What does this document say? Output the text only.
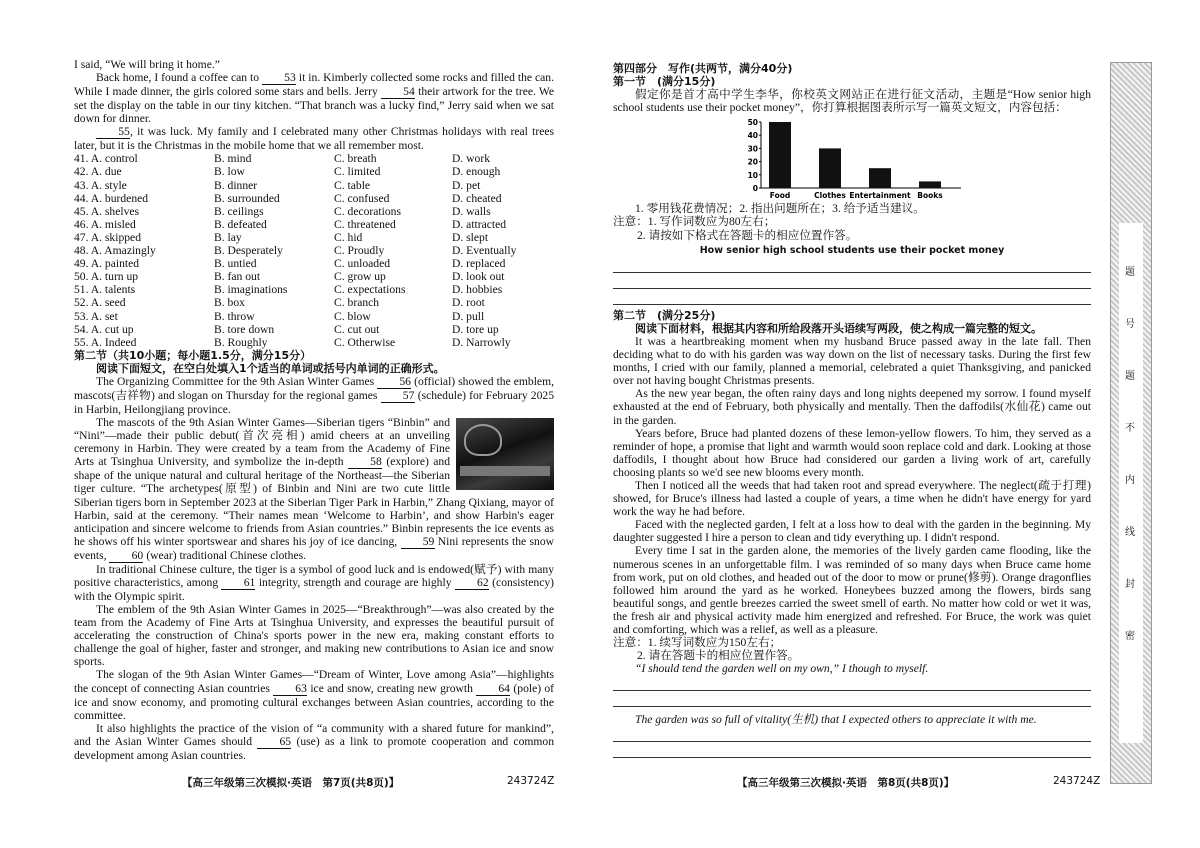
I said, “We will bring it home.”

Back home, I found a coffee can to 53 it in. Kimberly collected some rocks and filled the can. While I made dinner, the girls colored some stars and bells. Jerry 54 their artwork for the tree. We set the display on the table in our tiny kitchen. “That branch was a lucky find,” Jerry said when we sat down for dinner.

55, it was luck. My family and I celebrated many other Christmas holidays with real trees later, but it is the Christmas in the mobile home that we all remember most.

41. A. control	B. mind	C. breath	D. work
42. A. due	B. low	C. limited	D. enough
43. A. style	B. dinner	C. table	D. pet
44. A. burdened	B. surrounded	C. confused	D. cheated
45. A. shelves	B. ceilings	C. decorations	D. walls
46. A. misled	B. defeated	C. threatened	D. attracted
47. A. skipped	B. lay	C. hid	D. slept
48. A. Amazingly	B. Desperately	C. Proudly	D. Eventually
49. A. painted	B. untied	C. unloaded	D. replaced
50. A. turn up	B. fan out	C. grow up	D. look out
51. A. talents	B. imaginations	C. expectations	D. hobbies
52. A. seed	B. box	C. branch	D. root
53. A. set	B. throw	C. blow	D. pull
54. A. cut up	B. tore down	C. cut out	D. tore up
55. A. Indeed	B. Roughly	C. Otherwise	D. Narrowly

第二节（共10小题；每小题1.5分，满分15分）

阅读下面短文，在空白处填入1个适当的单词或括号内单词的正确形式。

The Organizing Committee for the 9th Asian Winter Games 56 (official) showed the emblem, mascots(吉祥物) and slogan on Thursday for the regional games 57 (schedule) for February 2025 in Harbin, Heilongjiang province.

The mascots of the 9th Asian Winter Games—Siberian tigers “Binbin” and “Nini”—made their public debut(首次亮相) amid cheers at an unveiling ceremony in Harbin. They were created by a team from the Academy of Fine Arts at Tsinghua University, and symbolize the in-depth 58 (explore) and shape of the unique natural and cultural heritage of the Northeast—the Siberian tiger culture. “The archetypes(原型) of Binbin and Nini are two cute little Siberian tigers born in September 2023 at the Siberian Tiger Park in Harbin,” Zhang Qixiang, mayor of Harbin, said at the ceremony. “Their names mean ‘Welcome to Harbin’, and show Harbin's eager anticipation and sincere welcome to friends from Asian countries.” Binbin represents the ice events as he shows off his winter sportswear and shares his joy of ice dancing, 59 Nini represents the snow events, 60 (wear) traditional Chinese clothes.

In traditional Chinese culture, the tiger is a symbol of good luck and is endowed(赋予) with many positive characteristics, among 61 integrity, strength and courage are highly 62 (consistency) with the Olympic spirit.

The emblem of the 9th Asian Winter Games in 2025—“Breakthrough”—was also created by the team from the Academy of Fine Arts at Tsinghua University, and expresses the beautiful pursuit of accelerating the construction of China's sports power in the new era, making constant efforts to challenge the goal of higher, faster and stronger, and making new contributions to Asian ice and snow sports.

The slogan of the 9th Asian Winter Games—“Dream of Winter, Love among Asia”—highlights the concept of connecting Asian countries 63 ice and snow, creating new growth 64 (pole) of ice and snow economy, and promoting cultural exchanges between Asian countries, according to the committee.

It also highlights the practice of the vision of “a community with a shared future for mankind”, and the Asian Winter Games should 65 (use) as a link to promote cooperation and common development among Asian countries.

【高三年级第三次模拟·英语　第7页(共8页)】	243724Z

第四部分　写作(共两节，满分40分)

第一节　(满分15分)

假定你是首才高中学生李华，你校英文网站正在进行征文活动，主题是“How senior high school students use their pocket money”，你打算根据图表所示写一篇英文短文，内容包括：

0
10
20
30
40
50
Food	Clothes Entertainment Books

1. 零用钱花费情况；2. 指出问题所在；3. 给予适当建议。

注意：1. 写作词数应为80左右；

2. 请按如下格式在答题卡的相应位置作答。

How senior high school students use their pocket money

第二节　(满分25分)

阅读下面材料，根据其内容和所给段落开头语续写两段，使之构成一篇完整的短文。

It was a heartbreaking moment when my husband Bruce passed away in the late fall. Then deciding what to do with his garden was way down on the list of necessary tasks. During the first few months, I cried with our family, planned a memorial, celebrated a quiet Thanksgiving, and panicked over not having bought Christmas presents.

As the new year began, the often rainy days and long nights deepened my sorrow. I found myself exhausted at the end of February, both physically and mentally. Then the daffodils(水仙花) came out in the garden.

Years before, Bruce had planted dozens of these lemon-yellow flowers. To him, they served as a reminder of hope, a promise that light and warmth would soon replace cold and dark. Looking at those daffodils, I thought about how Bruce had considered our garden a living work of art, carefully choosing plants so we'd see new blooms every month.

Then I noticed all the weeds that had taken root and spread everywhere. The neglect(疏于打理) showed, for Bruce's illness had lasted a couple of years, a time when he didn't have energy for yard work the way he had before.

Faced with the neglected garden, I felt at a loss how to deal with the garden in the beginning. My daughter suggested I hire a person to clean and tidy everything up. I didn't respond.

Every time I sat in the garden alone, the memories of the lively garden came flooding, like the numerous scenes in an unforgettable film. I was reminded of so many days when Bruce came home from work, put on old clothes, and headed out of the door to mow or prune(修剪). Orange dragonflies followed him around the yard as he worked. Honeybees buzzed among the flowers, birds sang beautiful songs, and gentle breezes carried the sweet smell of earth. No matter how cold or wet it was, the fresh air and physical activity made him energized and refreshed. For Bruce, the work was quiet and comforting, which was a relief, as well as a pleasure.

注意：1. 续写词数应为150左右；

2. 请在答题卡的相应位置作答。

“I should tend the garden well on my own,” I though to myself.

The garden was so full of vitality(生机) that I expected others to appreciate it with me.

【高三年级第三次模拟·英语　第8页(共8页)】	243724Z
题
号
题
不
内
线
封
密
